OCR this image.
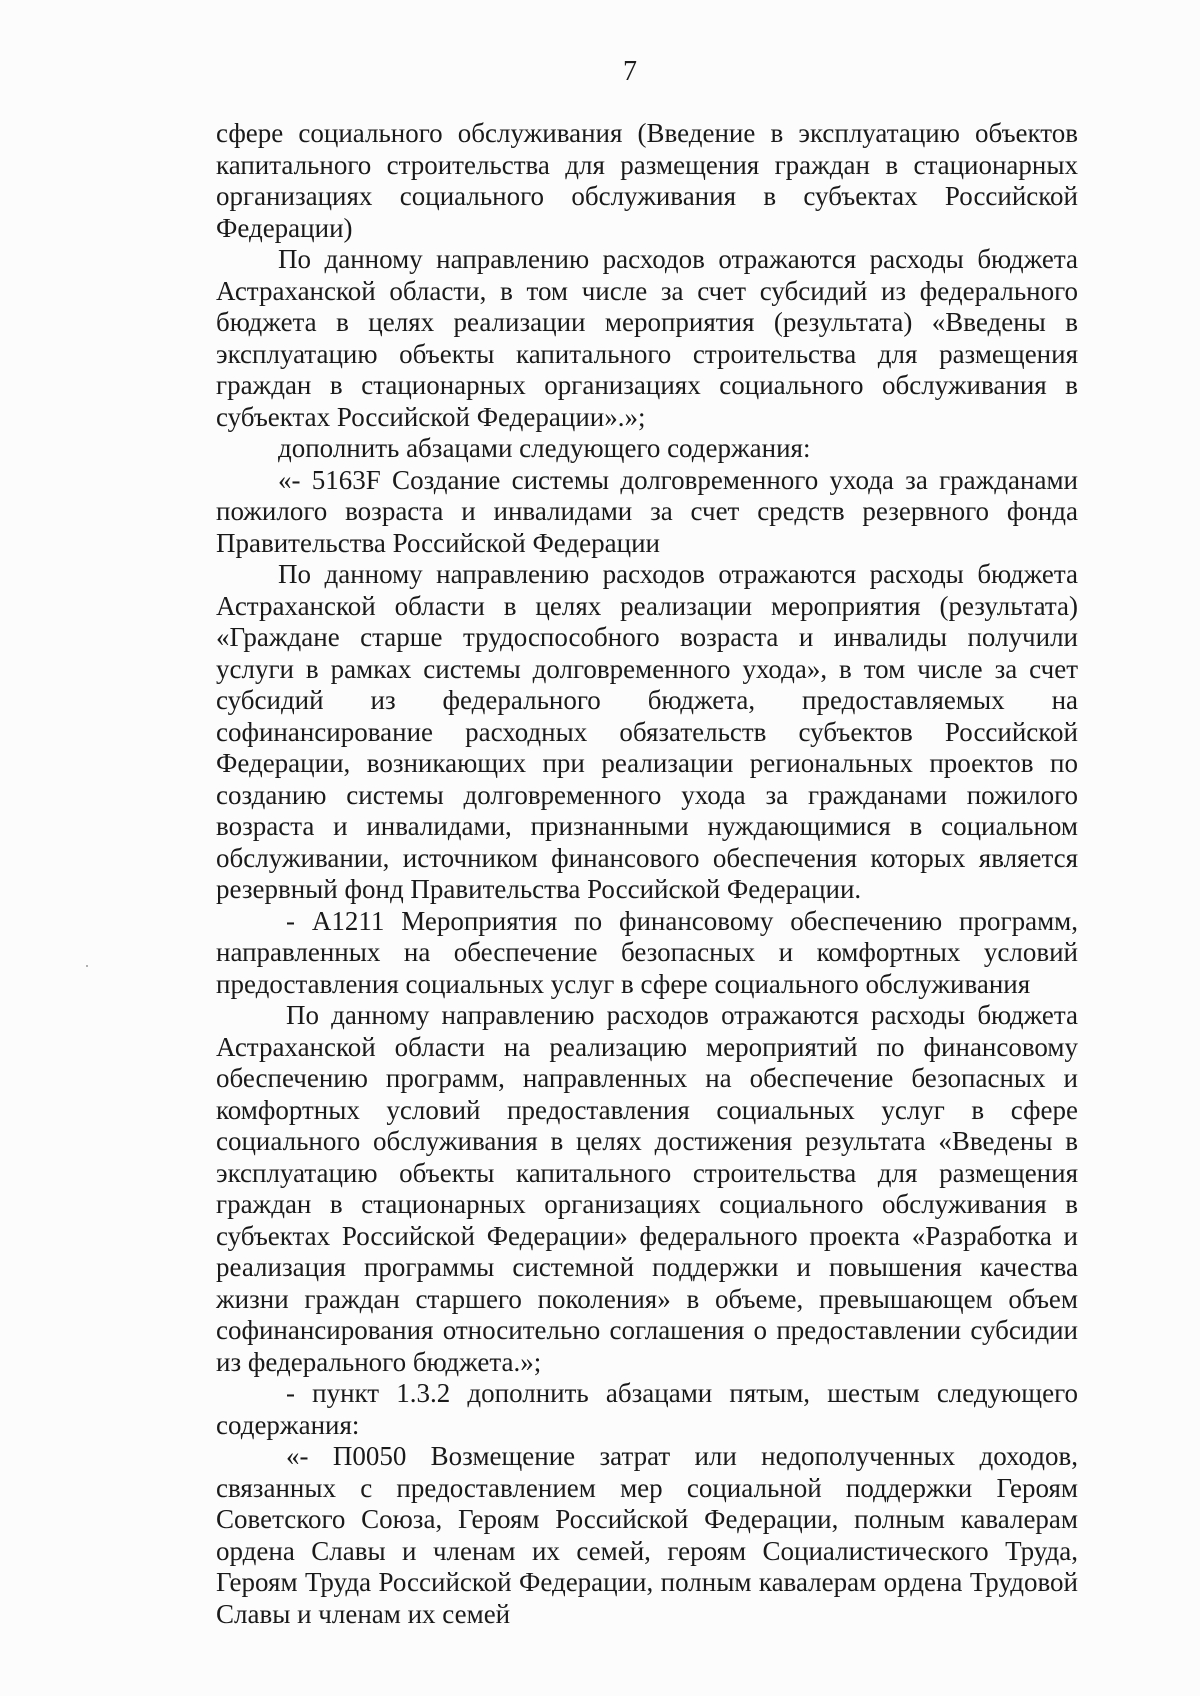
7

сфере социального обслуживания (Введение в эксплуатацию объектов капитального строительства для размещения граждан в стационарных организациях социального обслуживания в субъектах Российской Федерации)

По данному направлению расходов отражаются расходы бюджета Астраханской области, в том числе за счет субсидий из федерального бюджета в целях реализации мероприятия (результата) «Введены в эксплуатацию объекты капитального строительства для размещения граждан в стационарных организациях социального обслуживания в субъектах Российской Федерации».»;

дополнить абзацами следующего содержания:

«- 5163F Создание системы долговременного ухода за гражданами пожилого возраста и инвалидами за счет средств резервного фонда Правительства Российской Федерации

По данному направлению расходов отражаются расходы бюджета Астраханской области в целях реализации мероприятия (результата) «Граждане старше трудоспособного возраста и инвалиды получили услуги в рамках системы долговременного ухода», в том числе за счет субсидий из федерального бюджета, предоставляемых на софинансирование расходных обязательств субъектов Российской Федерации, возникающих при реализации региональных проектов по созданию системы долговременного ухода за гражданами пожилого возраста и инвалидами, признанными нуждающимися в социальном обслуживании, источником финансового обеспечения которых является резервный фонд Правительства Российской Федерации.

- А1211 Мероприятия по финансовому обеспечению программ, направленных на обеспечение безопасных и комфортных условий предоставления социальных услуг в сфере социального обслуживания

По данному направлению расходов отражаются расходы бюджета Астраханской области на реализацию мероприятий по финансовому обеспечению программ, направленных на обеспечение безопасных и комфортных условий предоставления социальных услуг в сфере социального обслуживания в целях достижения результата «Введены в эксплуатацию объекты капитального строительства для размещения граждан в стационарных организациях социального обслуживания в субъектах Российской Федерации» федерального проекта «Разработка и реализация программы системной поддержки и повышения качества жизни граждан старшего поколения» в объеме, превышающем объем софинансирования относительно соглашения о предоставлении субсидии из федерального бюджета.»;

- пункт 1.3.2 дополнить абзацами пятым, шестым следующего содержания:

«- П0050 Возмещение затрат или недополученных доходов, связанных с предоставлением мер социальной поддержки Героям Советского Союза, Героям Российской Федерации, полным кавалерам ордена Славы и членам их семей, героям Социалистического Труда, Героям Труда Российской Федерации, полным кавалерам ордена Трудовой Славы и членам их семей
